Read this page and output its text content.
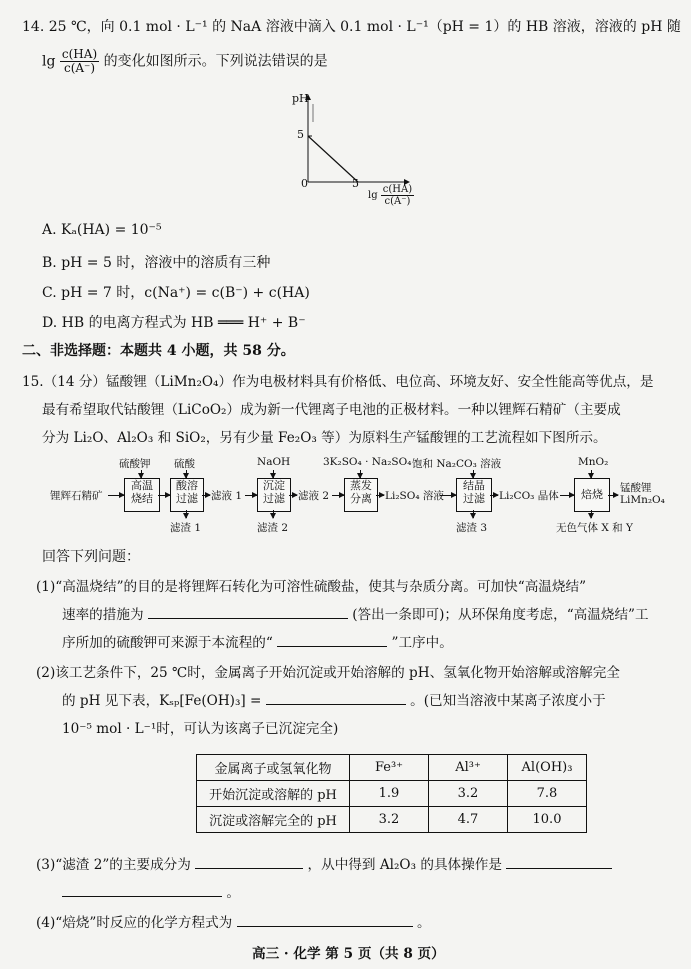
14. 25 ℃，向 0.1 mol · L⁻¹ 的 NaA 溶液中滴入 0.1 mol · L⁻¹（pH = 1）的 HB 溶液，溶液的 pH 随
$\lg \frac{c(HA)}{c(A^-)}$ 的变化如图所示。下列说法错误的是
pH
5
0	5
$\lg \frac{c(HA)}{c(A^-)}$
A. Kₐ(HA) = 10⁻⁵
B. pH = 5 时，溶液中的溶质有三种
C. pH = 7 时，c(Na⁺) = c(B⁻) + c(HA)
D. HB 的电离方程式为 HB ═══ H⁺ + B⁻
二、非选择题：本题共 4 小题，共 58 分。
15.（14 分）锰酸锂（LiMn₂O₄）作为电极材料具有价格低、电位高、环境友好、安全性能高等优点，是
最有希望取代钴酸锂（LiCoO₂）成为新一代锂离子电池的正极材料。一种以锂辉石精矿（主要成
分为 Li₂O、Al₂O₃ 和 SiO₂，另有少量 Fe₂O₃ 等）为原料生产锰酸锂的工艺流程如下图所示。
锂辉石精矿
高温
烧结
硫酸钾
酸溶
过滤
硫酸
滤渣 1
滤液 1
沉淀
过滤
NaOH
滤渣 2
滤液 2
蒸发
分离
3K₂SO₄ · Na₂SO₄
Li₂SO₄ 溶液
结晶
过滤
饱和 Na₂CO₃ 溶液
滤渣 3
Li₂CO₃ 晶体	焙烧
MnO₂
无色气体 X 和 Y
锰酸锂
LiMn₂O₄
回答下列问题：
(1)“高温烧结”的目的是将锂辉石转化为可溶性硫酸盐，使其与杂质分离。可加快“高温烧结”
速率的措施为	(答出一条即可)；从环保角度考虑，“高温烧结”工
序所加的硫酸钾可来源于本流程的“	”工序中。
(2)该工艺条件下，25 ℃时，金属离子开始沉淀或开始溶解的 pH、氢氧化物开始溶解或溶解完全
的 pH 见下表，Kₛₚ[Fe(OH)₃] =	。(已知当溶液中某离子浓度小于
10⁻⁵ mol · L⁻¹时，可认为该离子已沉淀完全)
金属离子或氢氧化物	Fe³⁺	Al³⁺	Al(OH)₃
开始沉淀或溶解的 pH	1.9	3.2	7.8
沉淀或溶解完全的 pH	3.2	4.7	10.0
(3)“滤渣 2”的主要成分为	，从中得到 Al₂O₃ 的具体操作是
。
(4)“焙烧”时反应的化学方程式为	。
高三 · 化学 第 5 页（共 8 页）
